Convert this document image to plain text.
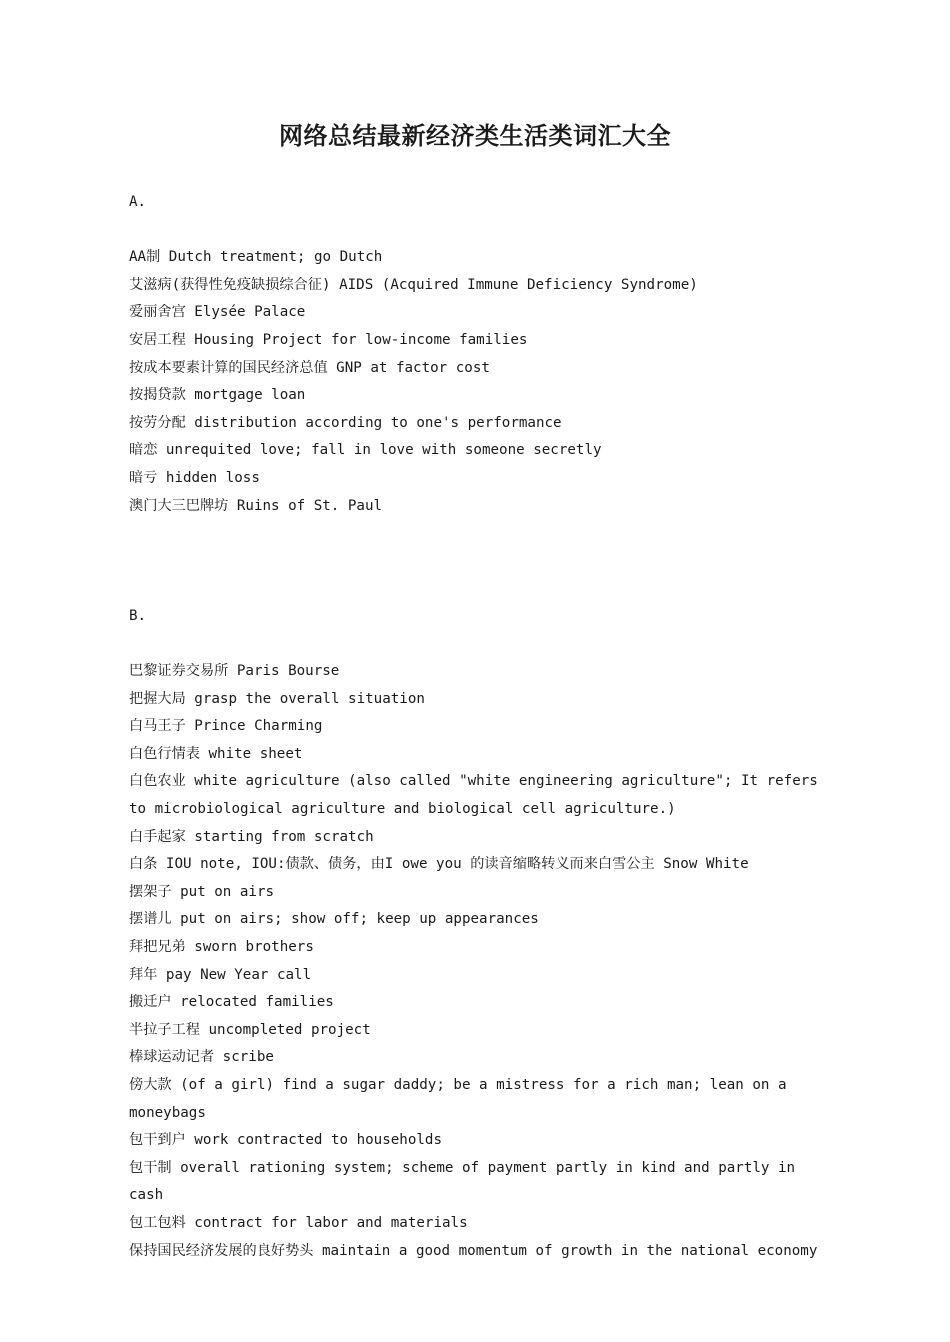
网络总结最新经济类生活类词汇大全
A.

AA制 Dutch treatment; go Dutch

艾滋病(获得性免疫缺损综合征) AIDS (Acquired Immune Deficiency Syndrome)

爱丽舍宫 Elysée Palace

安居工程 Housing Project for low-income families

按成本要素计算的国民经济总值 GNP at factor cost

按揭贷款 mortgage loan

按劳分配 distribution according to one's performance

暗恋 unrequited love; fall in love with someone secretly

暗亏 hidden loss

澳门大三巴牌坊 Ruins of St. Paul

B.

巴黎证券交易所 Paris Bourse

把握大局 grasp the overall situation

白马王子 Prince Charming

白色行情表 white sheet

白色农业 white agriculture (also called "white engineering agriculture"; It refers to microbiological agriculture and biological cell agriculture.)

白手起家 starting from scratch

白条 IOU note, IOU:债款、债务，由I owe you 的读音缩略转义而来白雪公主 Snow White

摆架子 put on airs

摆谱儿 put on airs; show off; keep up appearances

拜把兄弟 sworn brothers

拜年 pay New Year call

搬迁户 relocated families

半拉子工程 uncompleted project

棒球运动记者 scribe

傍大款 (of a girl) find a sugar daddy; be a mistress for a rich man; lean on a moneybags

包干到户 work contracted to households

包干制 overall rationing system; scheme of payment partly in kind and partly in cash

包工包料 contract for labor and materials

保持国民经济发展的良好势头 maintain a good momentum of growth in the national economy
